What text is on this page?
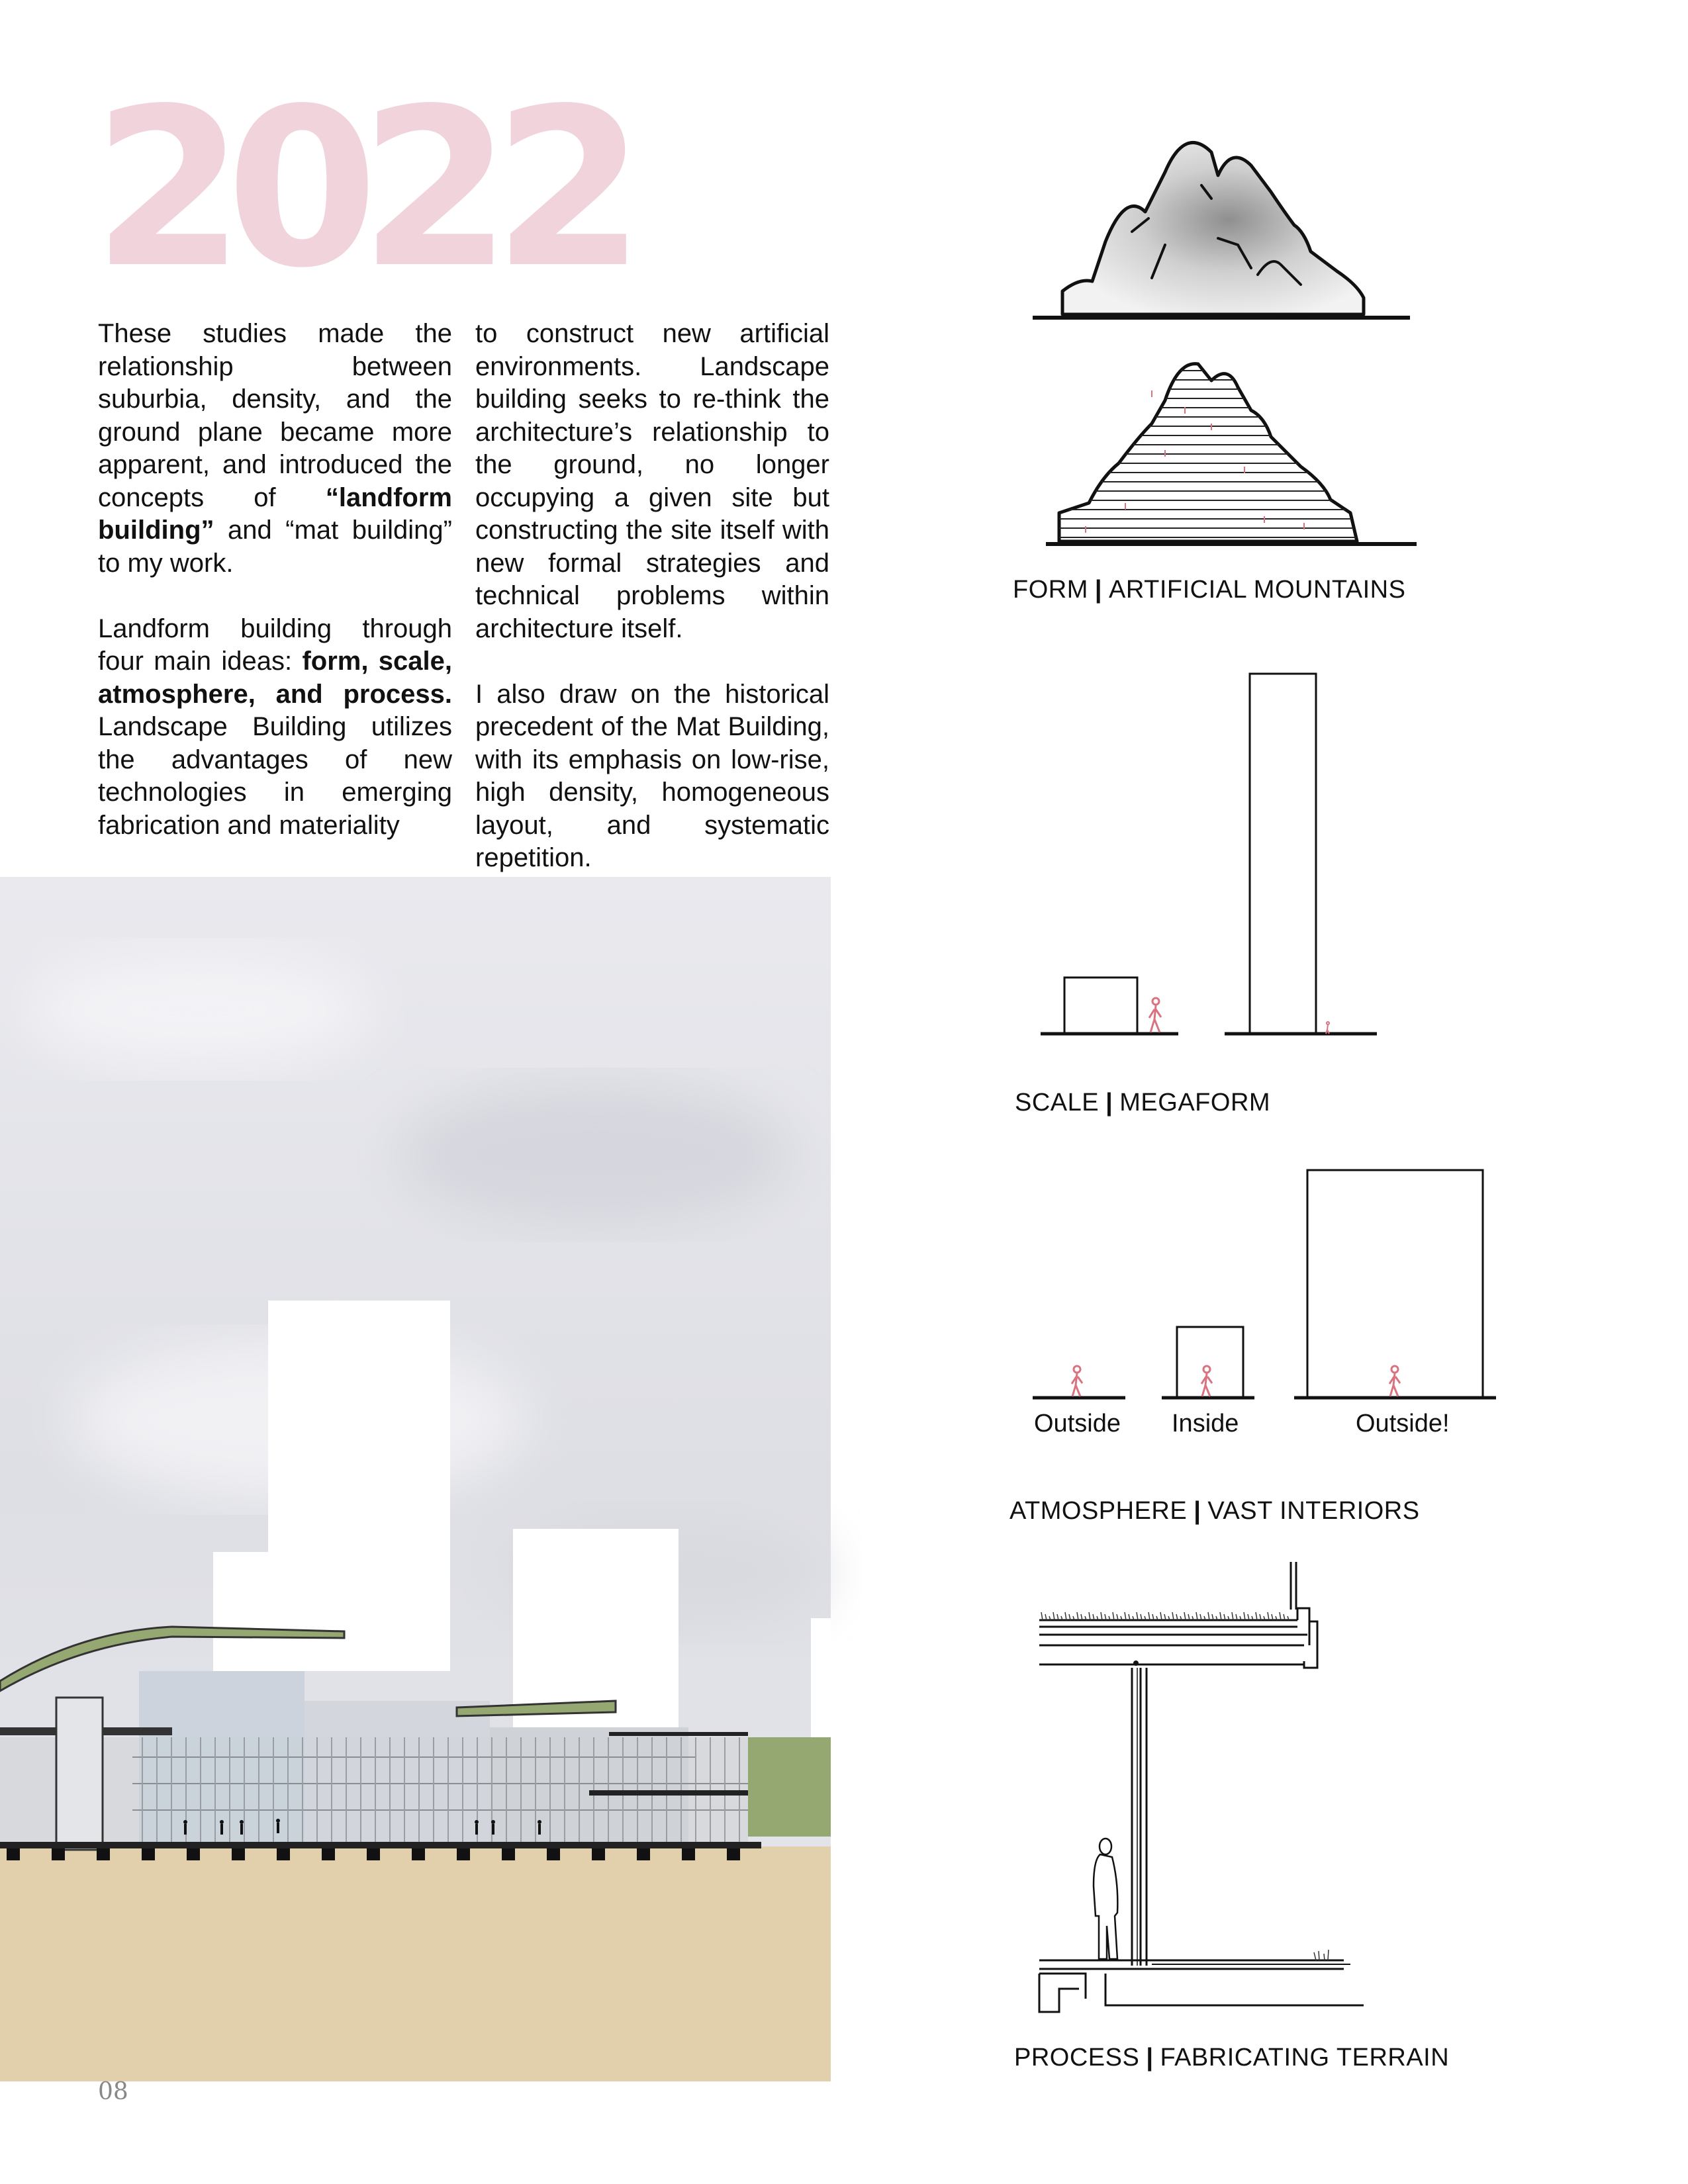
2022

These studies made the relationship between suburbia, density, and the ground plane became more apparent, and introduced the concepts of “landform building” and “mat building” to my work.

Landform building through four main ideas: form, scale, atmosphere, and process. Landscape Building utilizes the advantages of new technologies in emerging fabrication and materiality

to construct new artificial environments. Landscape building seeks to re-think the architecture’s relationship to the ground, no longer occupying a given site but constructing the site itself with new formal strategies and technical problems within architecture itself.

I also draw on the historical precedent of the Mat Building, with its emphasis on low-rise, high density, homogeneous layout, and systematic repetition.

FORM | ARTIFICIAL MOUNTAINS
SCALE | MEGAFORM
Outside Inside	Outside!
ATMOSPHERE | VAST INTERIORS
PROCESS | FABRICATING TERRAIN
08
